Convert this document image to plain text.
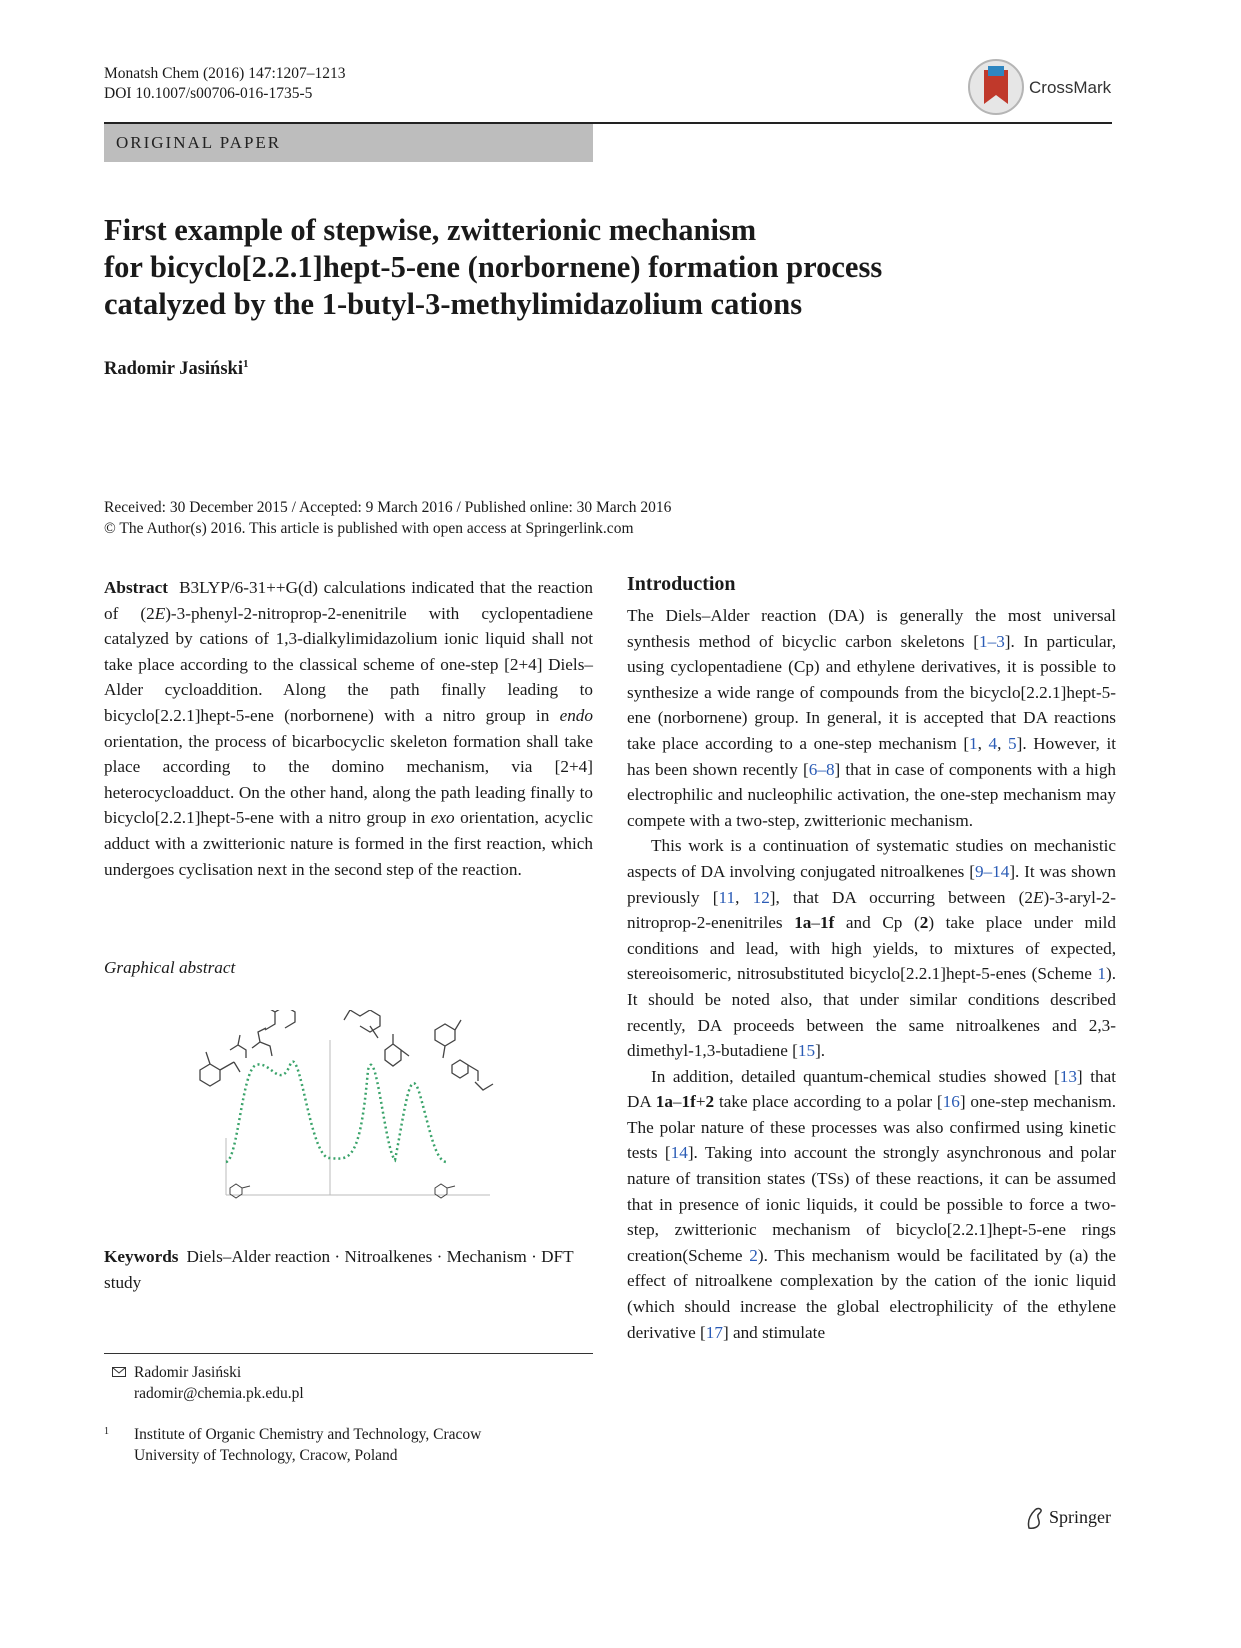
Monatsh Chem (2016) 147:1207–1213
DOI 10.1007/s00706-016-1735-5	CrossMark
ORIGINAL PAPER
First example of stepwise, zwitterionic mechanism
for bicyclo[2.2.1]hept-5-ene (norbornene) formation process
catalyzed by the 1-butyl-3-methylimidazolium cations
Radomir Jasiński$^1$
Received: 30 December 2015 / Accepted: 9 March 2016 / Published online: 30 March 2016
© The Author(s) 2016. This article is published with open access at Springerlink.com

Abstract B3LYP/6-31++G(d) calculations indicated that the reaction of (2E)-3-phenyl-2-nitroprop-2-enenitrile with cyclopentadiene catalyzed by cations of 1,3-dialkylimidazolium ionic liquid shall not take place according to the classical scheme of one-step [2+4] Diels–Alder cycloaddition. Along the path finally leading to bicyclo[2.2.1]hept-5-ene (norbornene) with a nitro group in endo orientation, the process of bicarbocyclic skeleton formation shall take place according to the domino mechanism, via [2+4] heterocycloadduct. On the other hand, along the path leading finally to bicyclo[2.2.1]hept-5-ene with a nitro group in exo orientation, acyclic adduct with a zwitterionic nature is formed in the first reaction, which undergoes cyclisation next in the second step of the reaction.

Graphical abstract
Keywords Diels–Alder reaction · Nitroalkenes · Mechanism · DFT study
Radomir Jasiński
radomir@chemia.pk.edu.pl
1 Institute of Organic Chemistry and Technology, Cracow
University of Technology, Cracow, Poland
Introduction

The Diels–Alder reaction (DA) is generally the most universal synthesis method of bicyclic carbon skeletons [1–3]. In particular, using cyclopentadiene (Cp) and ethylene derivatives, it is possible to synthesize a wide range of compounds from the bicyclo[2.2.1]hept-5-ene (norbornene) group. In general, it is accepted that DA reactions take place according to a one-step mechanism [1, 4, 5]. However, it has been shown recently [6–8] that in case of components with a high electrophilic and nucleophilic activation, the one-step mechanism may compete with a two-step, zwitterionic mechanism.

This work is a continuation of systematic studies on mechanistic aspects of DA involving conjugated nitroalkenes [9–14]. It was shown previously [11, 12], that DA occurring between (2E)-3-aryl-2-nitroprop-2-enenitriles 1a–1f and Cp (2) take place under mild conditions and lead, with high yields, to mixtures of expected, stereoisomeric, nitrosubstituted bicyclo[2.2.1]hept-5-enes (Scheme 1). It should be noted also, that under similar conditions described recently, DA proceeds between the same nitroalkenes and 2,3-dimethyl-1,3-butadiene [15].

In addition, detailed quantum-chemical studies showed [13] that DA 1a–1f+2 take place according to a polar [16] one-step mechanism. The polar nature of these processes was also confirmed using kinetic tests [14]. Taking into account the strongly asynchronous and polar nature of transition states (TSs) of these reactions, it can be assumed that in presence of ionic liquids, it could be possible to force a two-step, zwitterionic mechanism of bicyclo[2.2.1]hept-5-ene rings creation(Scheme 2). This mechanism would be facilitated by (a) the effect of nitroalkene complexation by the cation of the ionic liquid (which should increase the global electrophilicity of the ethylene derivative [17] and stimulate

Springer
